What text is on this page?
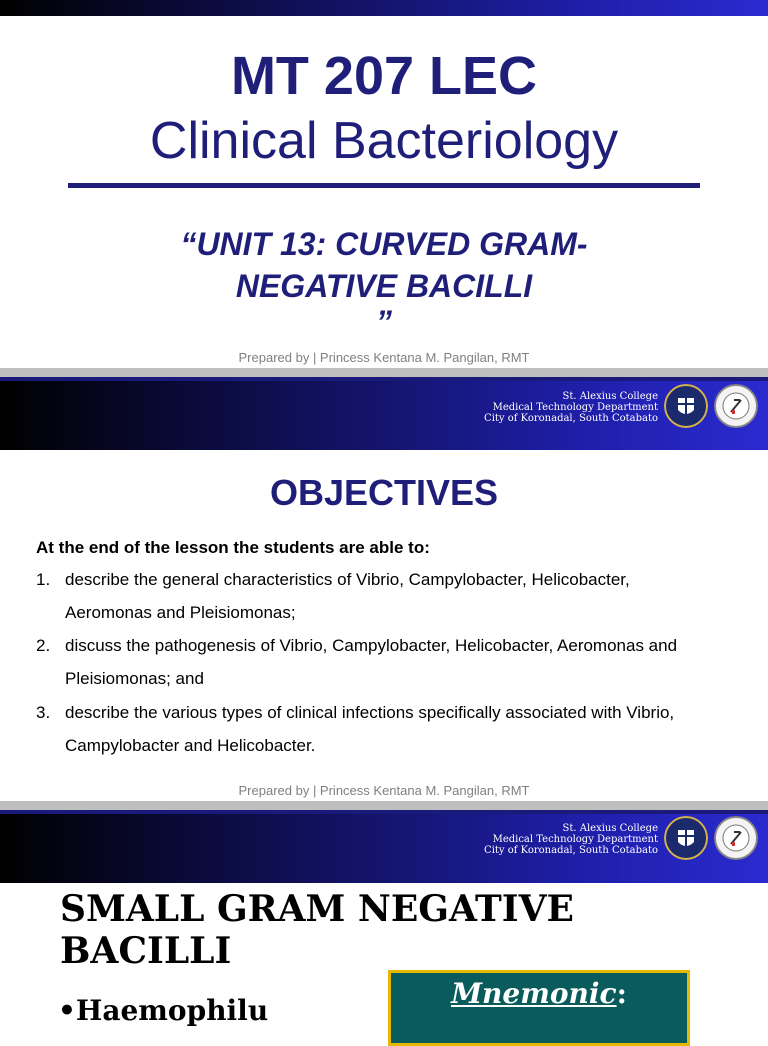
MT 207 LEC
Clinical Bacteriology
“UNIT 13: CURVED GRAM-
NEGATIVE BACILLI
”
Prepared by | Princess Kentana M. Pangilan, RMT
St. Alexius College
Medical Technology Department
City of Koronadal, South Cotabato
OBJECTIVES
At the end of the lesson the students are able to:
1. describe the general characteristics of Vibrio, Campylobacter, Helicobacter,
Aeromonas and Pleisiomonas;
2. discuss the pathogenesis of Vibrio, Campylobacter, Helicobacter, Aeromonas and
Pleisiomonas; and
3. describe the various types of clinical infections specifically associated with Vibrio,
Campylobacter and Helicobacter.
Prepared by | Princess Kentana M. Pangilan, RMT
St. Alexius College
Medical Technology Department
City of Koronadal, South Cotabato
SMALL GRAM NEGATIVE
BACILLI
•Haemophilu
Mnemonic:
